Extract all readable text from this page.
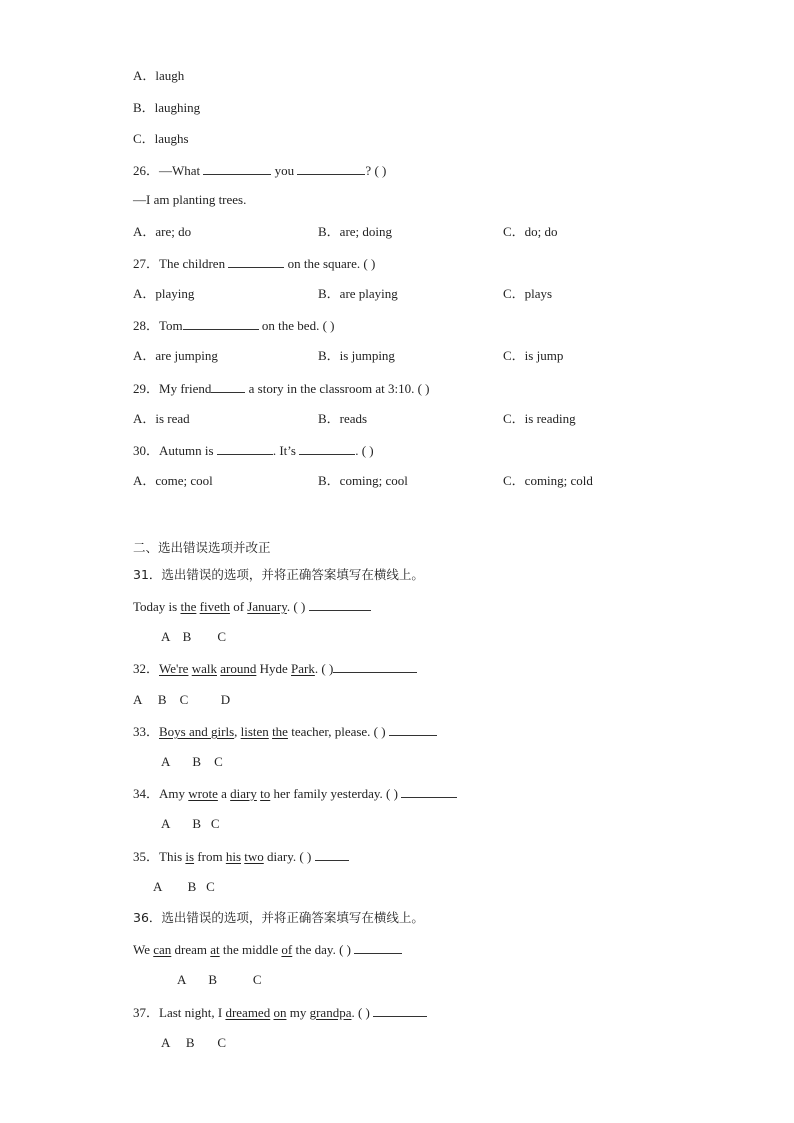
A．laugh
B．laughing
C．laughs
26．—What	you	? ( )
—I am planting trees.
A．are; do	B．are; doing	C．do; do
27．The children	on the square. ( )
A．playing	B．are playing	C．plays
28．Tom	on the bed. ( )
A．are jumping	B．is jumping	C．is jump
29．My friend	a story in the classroom at 3:10. ( )
A．is read	B．reads	C．is reading
30．Autumn is	. It’s	. ( )
A．come; cool	B．coming; cool	C．coming; cold
二、选出错误选项并改正
31．选出错误的选项，并将正确答案填写在横线上。
Today is the fiveth of January. ( )
A    B        C
32．We're walk around Hyde Park. ( )
A     B    C          D
33．Boys and girls, listen the teacher, please. ( )
A       B    C
34．Amy wrote a diary to her family yesterday. ( )
A       B   C
35．This is from his two diary. ( )
A        B   C
36．选出错误的选项，并将正确答案填写在横线上。
We can dream at the middle of the day. ( )
A       B           C
37．Last night, I dreamed on my grandpa. ( )
A     B       C
